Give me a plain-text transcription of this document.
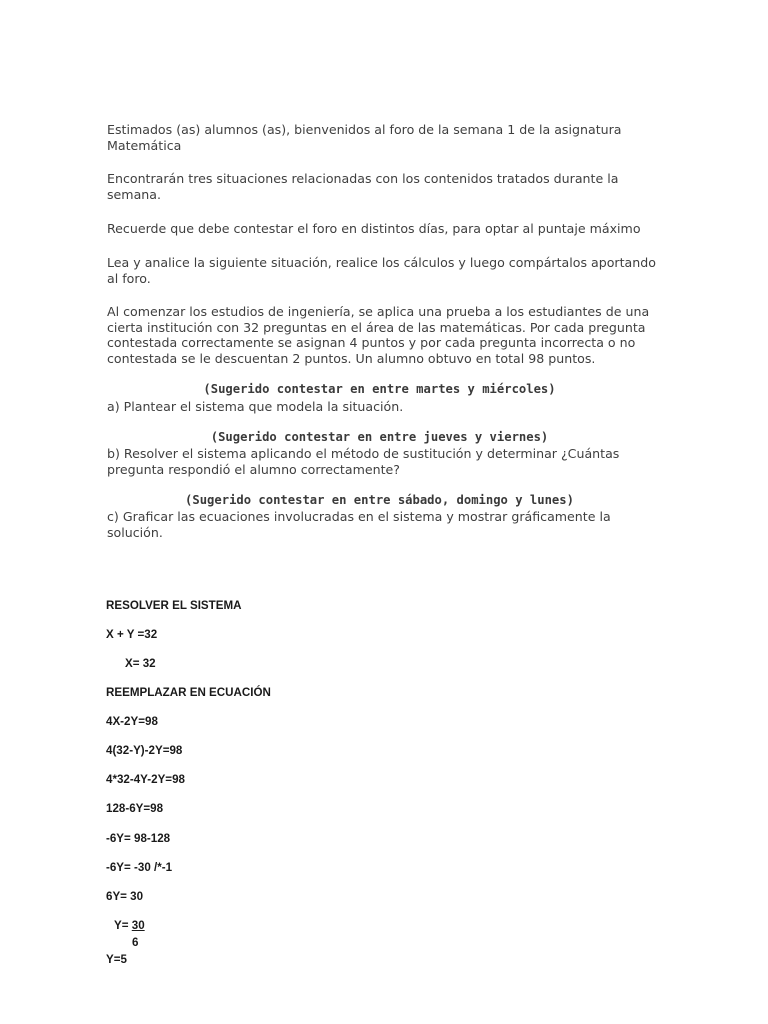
Estimados (as) alumnos (as), bienvenidos al foro de la semana 1 de la asignatura Matemática

Encontrarán tres situaciones relacionadas con los contenidos tratados durante la semana.

Recuerde que debe contestar el foro en distintos días, para optar al puntaje máximo

Lea y analice la siguiente situación, realice los cálculos y luego compártalos aportando al foro.

Al comenzar los estudios de ingeniería, se aplica una prueba a los estudiantes de una cierta institución con 32 preguntas en el área de las matemáticas. Por cada pregunta contestada correctamente se asignan 4 puntos y por cada pregunta incorrecta o no contestada se le descuentan 2 puntos. Un alumno obtuvo en total 98 puntos.

(Sugerido contestar en entre martes y miércoles)

a) Plantear el sistema que modela la situación.

(Sugerido contestar en entre jueves y viernes)

b) Resolver el sistema aplicando el método de sustitución y determinar ¿Cuántas pregunta respondió el alumno correctamente?

(Sugerido contestar en entre sábado, domingo y lunes)

c) Graficar las ecuaciones involucradas en el sistema y mostrar gráficamente la solución.

RESOLVER EL SISTEMA

X + Y =32

X= 32

REEMPLAZAR EN ECUACIÓN

4X-2Y=98

4(32-Y)-2Y=98

4*32-4Y-2Y=98

128-6Y=98

-6Y= 98-128

-6Y= -30 /*-1

6Y= 30

Y= 30

6

Y=5
